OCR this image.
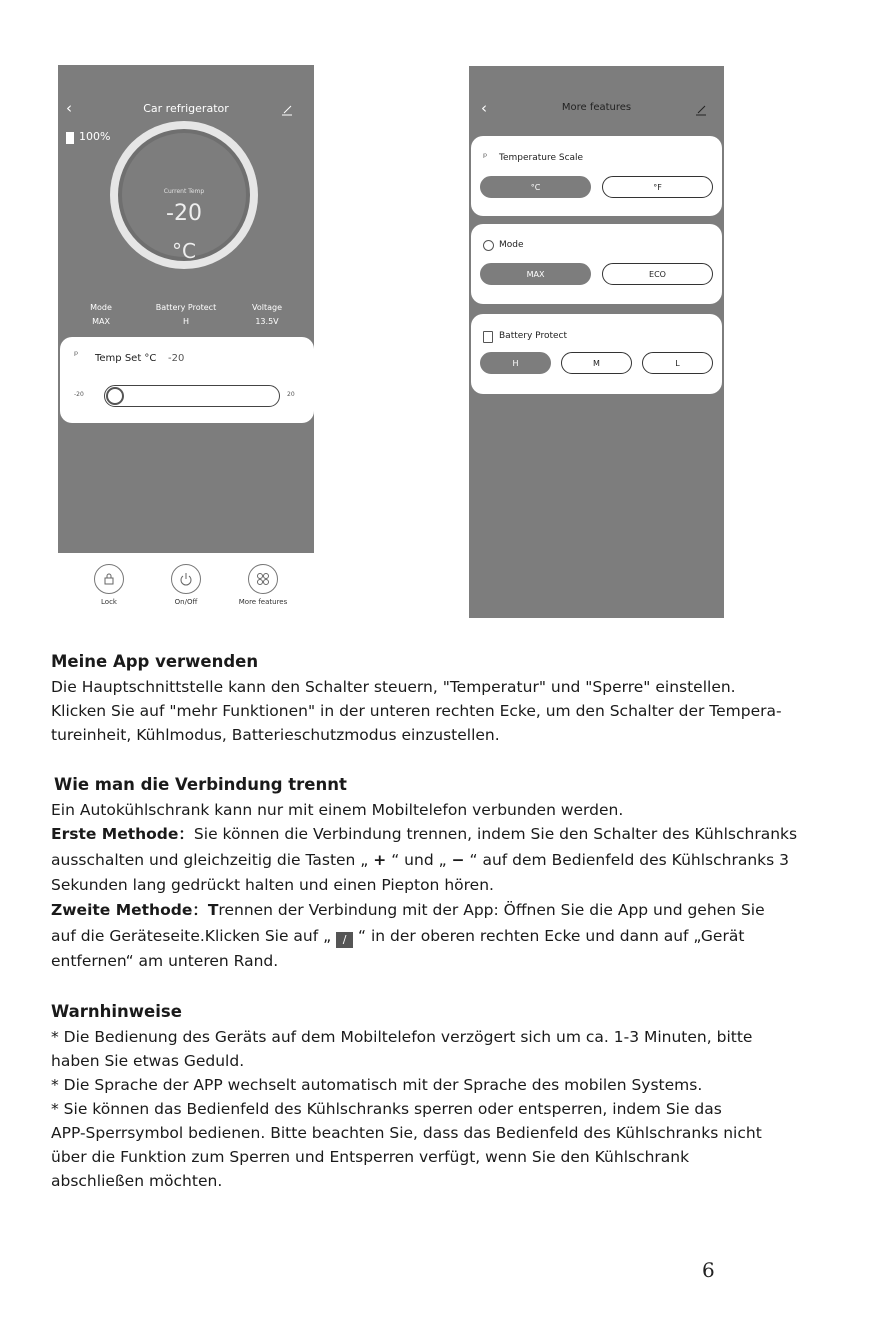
‹	Car refrigerator
100%
Current Temp
-20
°C
Mode
MAX
Battery Protect
H
Voltage
13.5V
ᵖ Temp Set °C -20
-20	20
Lock	On/Off	More features
‹	More features
ᵖ Temperature Scale
°C	°F
Mode
MAX	ECO
Battery Protect
H	M	L
Meine App verwenden
Die Hauptschnittstelle kann den Schalter steuern, "Temperatur" und "Sperre" einstellen.
Klicken Sie auf "mehr Funktionen" in der unteren rechten Ecke, um den Schalter der Tempera-
tureinheit, Kühlmodus, Batterieschutzmodus einzustellen.
Wie man die Verbindung trennt
Ein Autokühlschrank kann nur mit einem Mobiltelefon verbunden werden.
Erste Methode：Sie können die Verbindung trennen, indem Sie den Schalter des Kühlschranks
ausschalten und gleichzeitig die Tasten „ + “ und „ − “ auf dem Bedienfeld des Kühlschranks 3
Sekunden lang gedrückt halten und einen Piepton hören.
Zweite Methode：Trennen der Verbindung mit der App: Öffnen Sie die App und gehen Sie
auf die Geräteseite.Klicken Sie auf „ ∕ “ in der oberen rechten Ecke und dann auf „Gerät
entfernen“ am unteren Rand.
Warnhinweise
* Die Bedienung des Geräts auf dem Mobiltelefon verzögert sich um ca. 1-3 Minuten, bitte
haben Sie etwas Geduld.
* Die Sprache der APP wechselt automatisch mit der Sprache des mobilen Systems.
* Sie können das Bedienfeld des Kühlschranks sperren oder entsperren, indem Sie das
APP-Sperrsymbol bedienen. Bitte beachten Sie, dass das Bedienfeld des Kühlschranks nicht
über die Funktion zum Sperren und Entsperren verfügt, wenn Sie den Kühlschrank
abschließen möchten.
6
